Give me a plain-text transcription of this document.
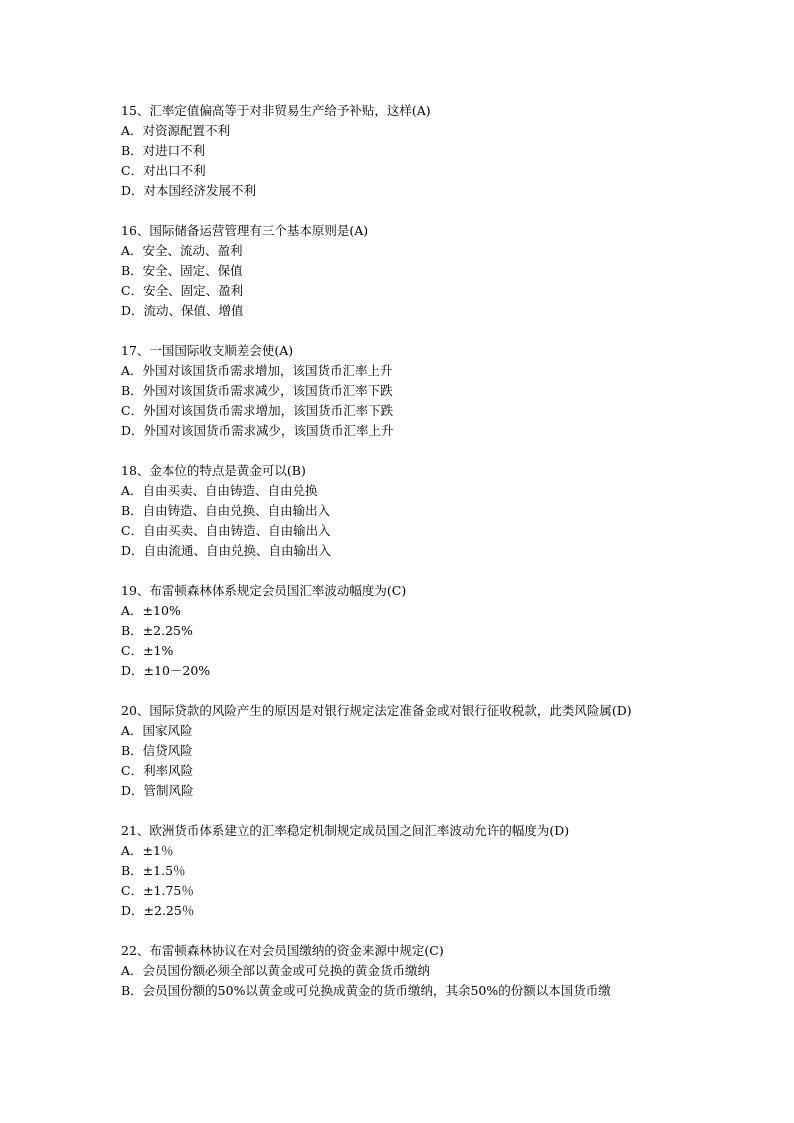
15、汇率定值偏高等于对非贸易生产给予补贴，这样(A)
A．对资源配置不利
B．对进口不利
C．对出口不利
D．对本国经济发展不利
16、国际储备运营管理有三个基本原则是(A)
A．安全、流动、盈利
B．安全、固定、保值
C．安全、固定、盈利
D．流动、保值、增值
17、一国国际收支顺差会使(A)
A．外国对该国货币需求增加，该国货币汇率上升
B．外国对该国货币需求减少，该国货币汇率下跌
C．外国对该国货币需求增加，该国货币汇率下跌
D．外国对该国货币需求减少，该国货币汇率上升
18、金本位的特点是黄金可以(B)
A．自由买卖、自由铸造、自由兑换
B．自由铸造、自由兑换、自由输出入
C．自由买卖、自由铸造、自由输出入
D．自由流通、自由兑换、自由输出入
19、布雷顿森林体系规定会员国汇率波动幅度为(C)
A．±10%
B．±2.25%
C．±1%
D．±10－20%
20、国际贷款的风险产生的原因是对银行规定法定准备金或对银行征收税款，此类风险属(D)
A．国家风险
B．信贷风险
C．利率风险
D．管制风险
21、欧洲货币体系建立的汇率稳定机制规定成员国之间汇率波动允许的幅度为(D)
A．±1％
B．±1.5％
C．±1.75％
D．±2.25％
22、布雷顿森林协议在对会员国缴纳的资金来源中规定(C)
A．会员国份额必须全部以黄金或可兑换的黄金货币缴纳
B．会员国份额的50%以黄金或可兑换成黄金的货币缴纳，其余50%的份额以本国货币缴
